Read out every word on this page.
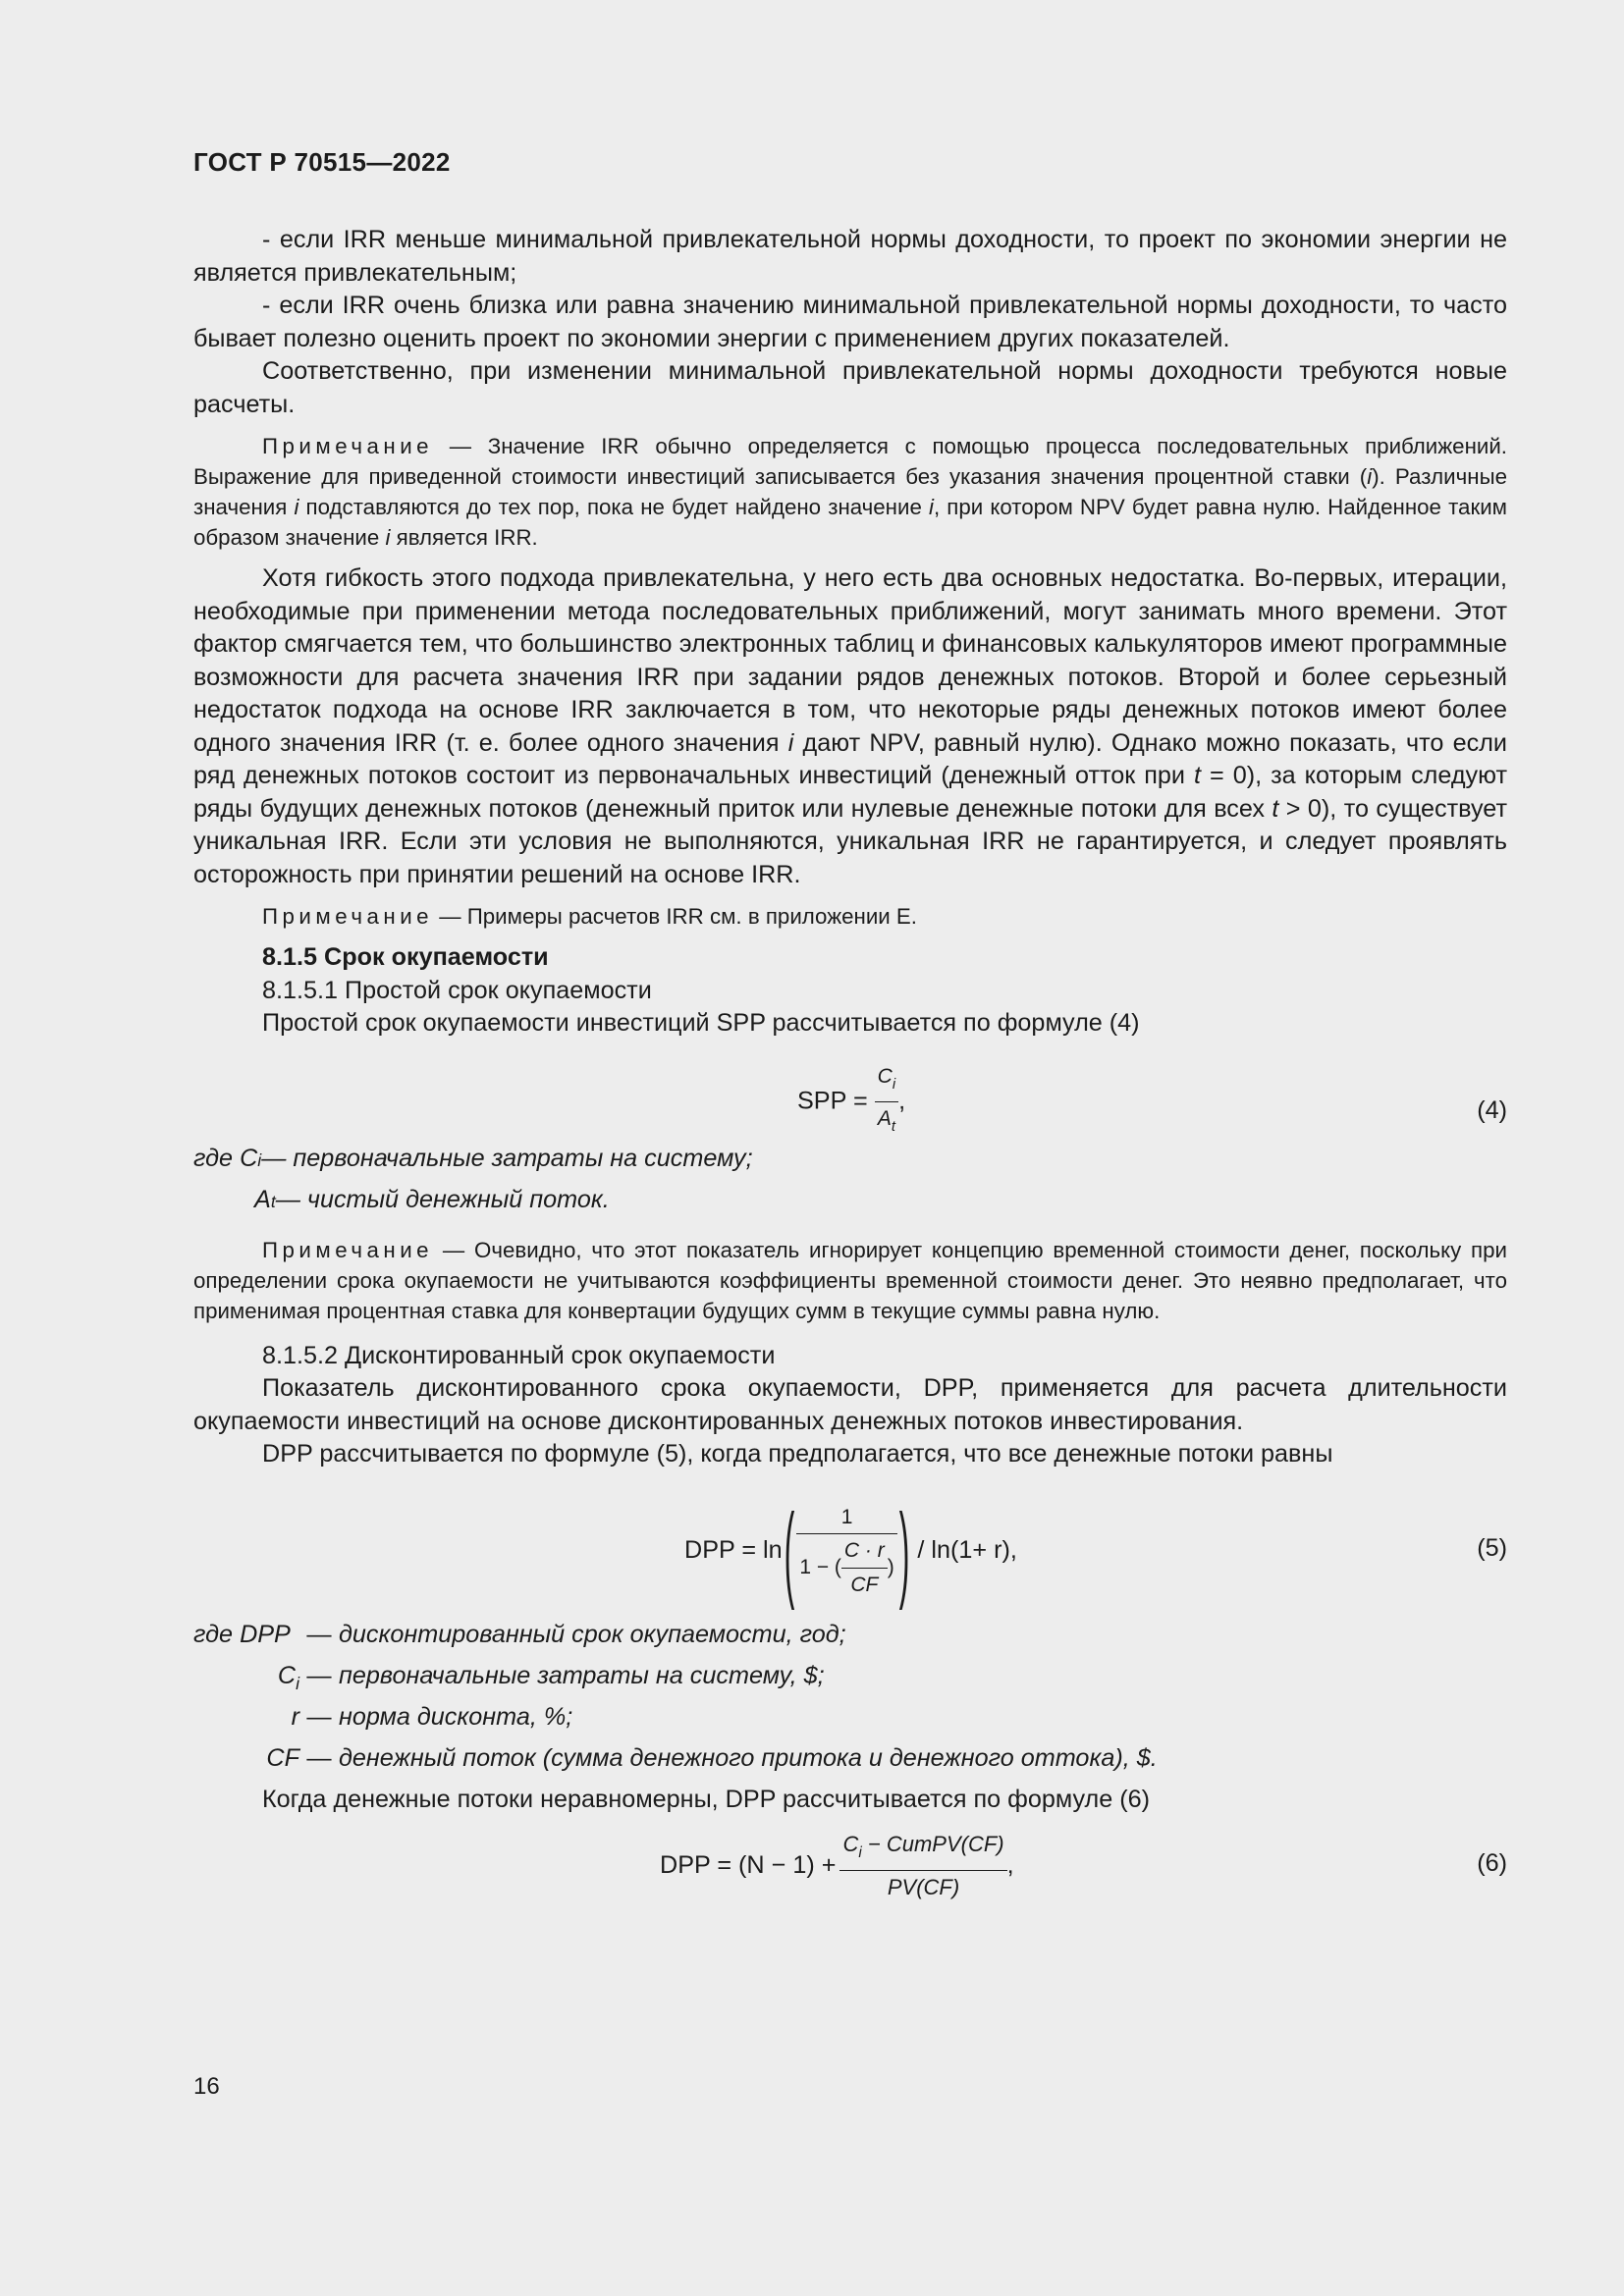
ГОСТ Р 70515—2022

- если IRR меньше минимальной привлекательной нормы доходности, то проект по экономии энергии не является привлекательным;

- если IRR очень близка или равна значению минимальной привлекательной нормы доходности, то часто бывает полезно оценить проект по экономии энергии с применением других показателей.

Соответственно, при изменении минимальной привлекательной нормы доходности требуются новые расчеты.

Примечание — Значение IRR обычно определяется с помощью процесса последовательных приближений. Выражение для приведенной стоимости инвестиций записывается без указания значения процентной ставки (i). Различные значения i подставляются до тех пор, пока не будет найдено значение i, при котором NPV будет равна нулю. Найденное таким образом значение i является IRR.

Хотя гибкость этого подхода привлекательна, у него есть два основных недостатка. Во-первых, итерации, необходимые при применении метода последовательных приближений, могут занимать много времени. Этот фактор смягчается тем, что большинство электронных таблиц и финансовых калькуляторов имеют программные возможности для расчета значения IRR при задании рядов денежных потоков. Второй и более серьезный недостаток подхода на основе IRR заключается в том, что некоторые ряды денежных потоков имеют более одного значения IRR (т. е. более одного значения i дают NPV, равный нулю). Однако можно показать, что если ряд денежных потоков состоит из первоначальных инвестиций (денежный отток при t = 0), за которым следуют ряды будущих денежных потоков (денежный приток или нулевые денежные потоки для всех t > 0), то существует уникальная IRR. Если эти условия не выполняются, уникальная IRR не гарантируется, и следует проявлять осторожность при принятии решений на основе IRR.

Примечание — Примеры расчетов IRR см. в приложении Е.

8.1.5 Срок окупаемости

8.1.5.1 Простой срок окупаемости

Простой срок окупаемости инвестиций SPP рассчитывается по формуле (4)

SPP = $\frac{C_i}{A_t}$ ,	(4)
где C i — первоначальные затраты на систему;
A t — чистый денежный поток.

Примечание — Очевидно, что этот показатель игнорирует концепцию временной стоимости денег, поскольку при определении срока окупаемости не учитываются коэффициенты временной стоимости денег. Это неявно предполагает, что применимая процентная ставка для конвертации будущих сумм в текущие суммы равна нулю.

8.1.5.2 Дисконтированный срок окупаемости

Показатель дисконтированного срока окупаемости, DPP, применяется для расчета длительности окупаемости инвестиций на основе дисконтированных денежных потоков инвестирования.

DPP рассчитывается по формуле (5), когда предполагается, что все денежные потоки равны

DPP = ln (	1
1 − ( $\frac{C \cdot r}{CF}$ ) ) / ln(1+ r),	(5)
где DPP — дисконтированный срок окупаемости, год;
$C_i$ — первоначальные затраты на систему, $;
r — норма дисконта, %;
CF — денежный поток (сумма денежного притока и денежного оттока), $.

Когда денежные потоки неравномерны, DPP рассчитывается по формуле (6)

DPP = $(N - 1) + \frac{C_i - CumPV(CF)}{PV(CF)}$ ,	(6)
16
